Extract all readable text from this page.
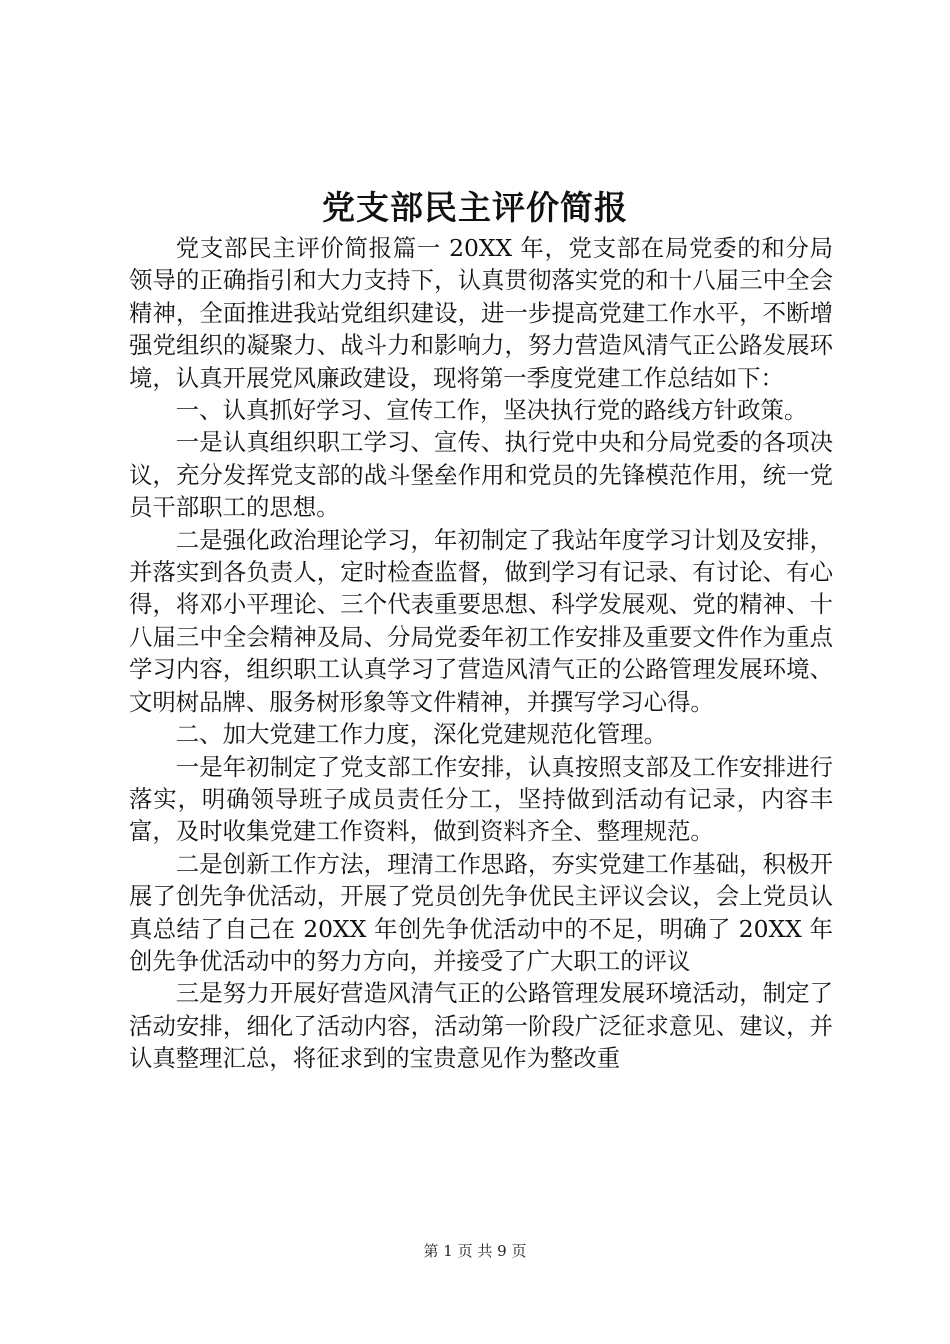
党支部民主评价简报

党支部民主评价简报篇一 20XX 年，党支部在局党委的和分局领导的正确指引和大力支持下，认真贯彻落实党的和十八届三中全会精神，全面推进我站党组织建设，进一步提高党建工作水平，不断增强党组织的凝聚力、战斗力和影响力，努力营造风清气正公路发展环境，认真开展党风廉政建设，现将第一季度党建工作总结如下：

一、认真抓好学习、宣传工作，坚决执行党的路线方针政策。

一是认真组织职工学习、宣传、执行党中央和分局党委的各项决议，充分发挥党支部的战斗堡垒作用和党员的先锋模范作用，统一党员干部职工的思想。

二是强化政治理论学习，年初制定了我站年度学习计划及安排，并落实到各负责人，定时检查监督，做到学习有记录、有讨论、有心得，将邓小平理论、三个代表重要思想、科学发展观、党的精神、十八届三中全会精神及局、分局党委年初工作安排及重要文件作为重点学习内容，组织职工认真学习了营造风清气正的公路管理发展环境、文明树品牌、服务树形象等文件精神，并撰写学习心得。

二、加大党建工作力度，深化党建规范化管理。

一是年初制定了党支部工作安排，认真按照支部及工作安排进行落实，明确领导班子成员责任分工，坚持做到活动有记录，内容丰富，及时收集党建工作资料，做到资料齐全、整理规范。

二是创新工作方法，理清工作思路，夯实党建工作基础，积极开展了创先争优活动，开展了党员创先争优民主评议会议，会上党员认真总结了自己在 20XX 年创先争优活动中的不足，明确了 20XX 年创先争优活动中的努力方向，并接受了广大职工的评议

三是努力开展好营造风清气正的公路管理发展环境活动，制定了活动安排，细化了活动内容，活动第一阶段广泛征求意见、建议，并认真整理汇总，将征求到的宝贵意见作为整改重

第 1 页 共 9 页
